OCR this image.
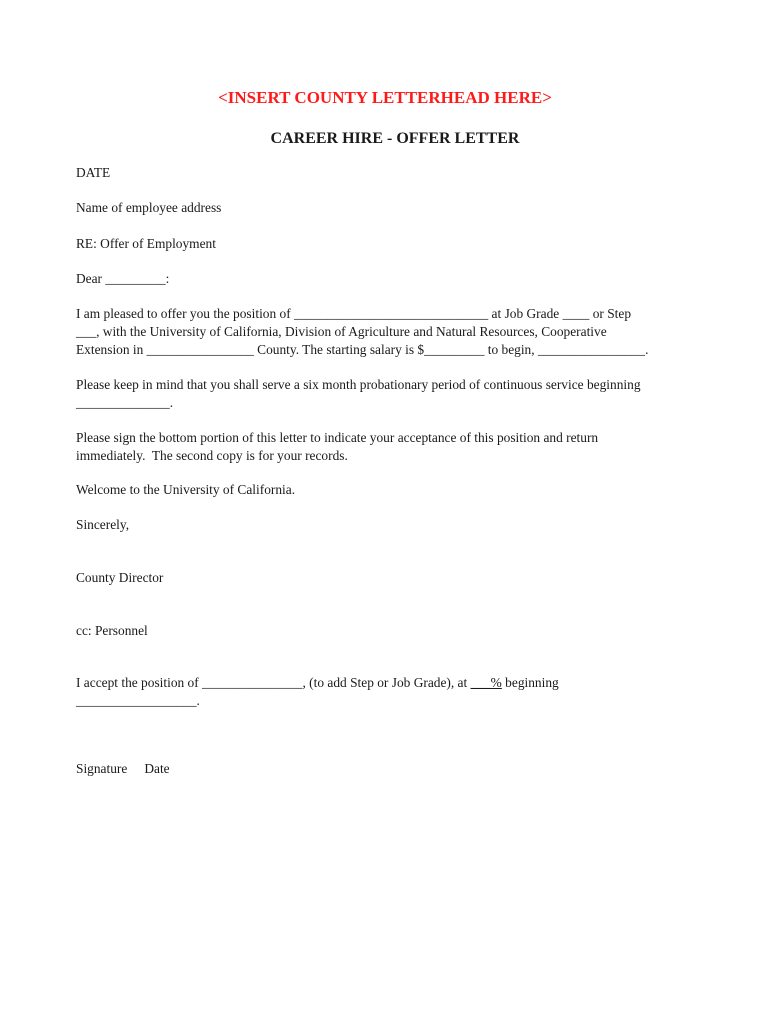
<INSERT COUNTY LETTERHEAD HERE>

CAREER HIRE - OFFER LETTER

DATE

Name of employee address

RE: Offer of Employment

Dear _________:

I am pleased to offer you the position of _____________________________ at Job Grade ____ or Step

___, with the University of California, Division of Agriculture and Natural Resources, Cooperative

Extension in ________________ County. The starting salary is $_________ to begin, ________________.

Please keep in mind that you shall serve a six month probationary period of continuous service beginning

______________.

Please sign the bottom portion of this letter to indicate your acceptance of this position and return

immediately.  The second copy is for your records.

Welcome to the University of California.

Sincerely,

County Director

cc: Personnel

I accept the position of _______________, (to add Step or Job Grade), at ___% beginning

__________________.

Signature Date
